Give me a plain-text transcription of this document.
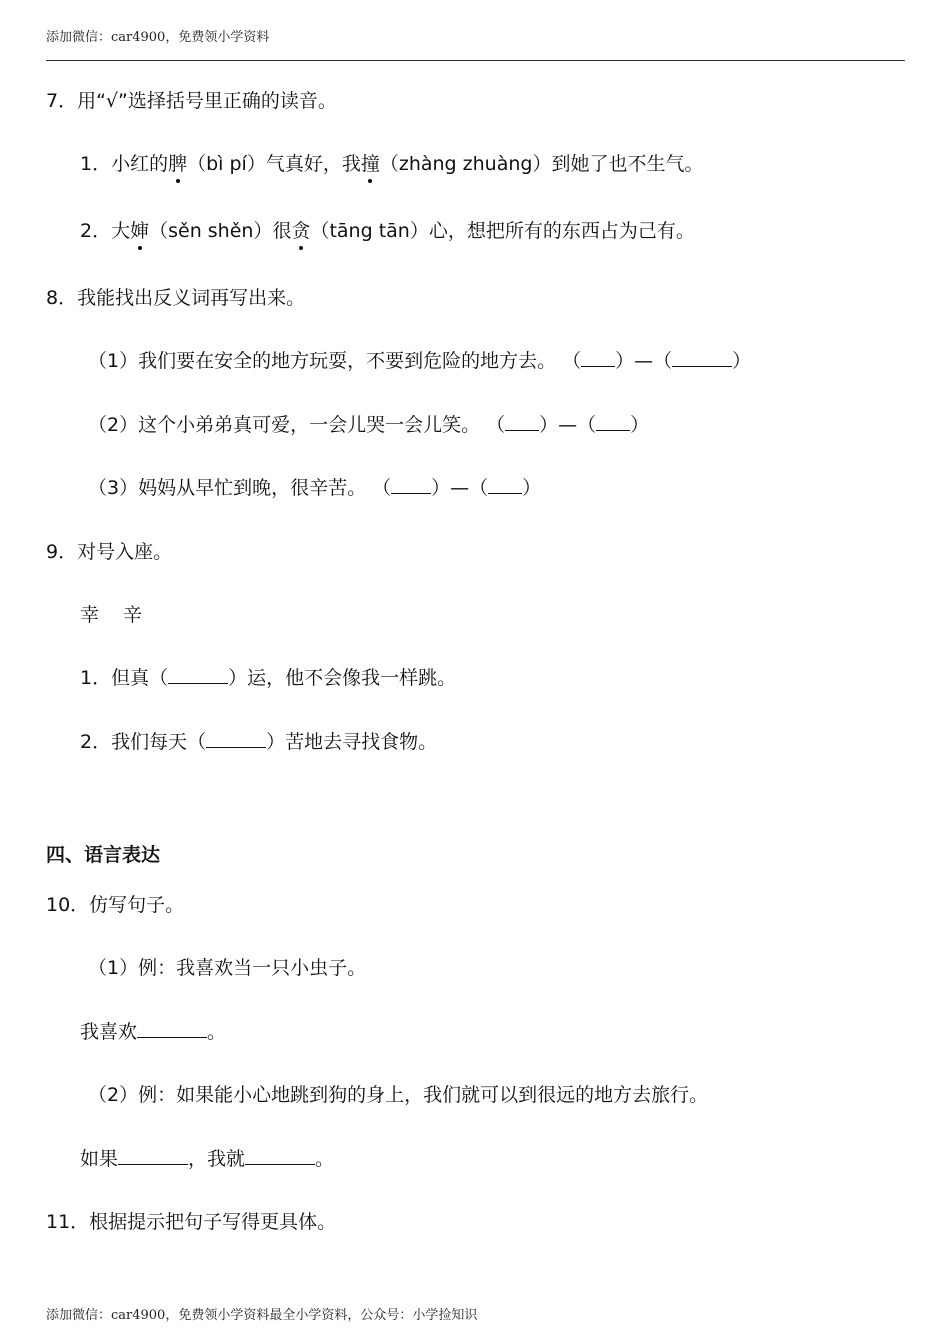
添加微信：car4900，免费领小学资料
7．用“√”选择括号里正确的读音。
1．小红的脾（bì pí）气真好，我撞（zhàng zhuàng）到她了也不生气。
2．大婶（sěn shěn）很贪（tāng tān）心，想把所有的东西占为己有。
8．我能找出反义词再写出来。
（1）我们要在安全的地方玩耍，不要到危险的地方去。 （ ）—（	）
（2）这个小弟弟真可爱，一会儿哭一会儿笑。 （ ）—（ ）
（3）妈妈从早忙到晚，很辛苦。 （ ）—（ ）
9．对号入座。
幸 辛
1．但真（	）运，他不会像我一样跳。
2．我们每天（	）苦地去寻找食物。
四、语言表达
10．仿写句子。
（1）例：我喜欢当一只小虫子。
我喜欢	。
（2）例：如果能小心地跳到狗的身上，我们就可以到很远的地方去旅行。
如果	，我就	。
11．根据提示把句子写得更具体。
添加微信：car4900，免费领小学资料最全小学资料，公众号：小学捡知识
